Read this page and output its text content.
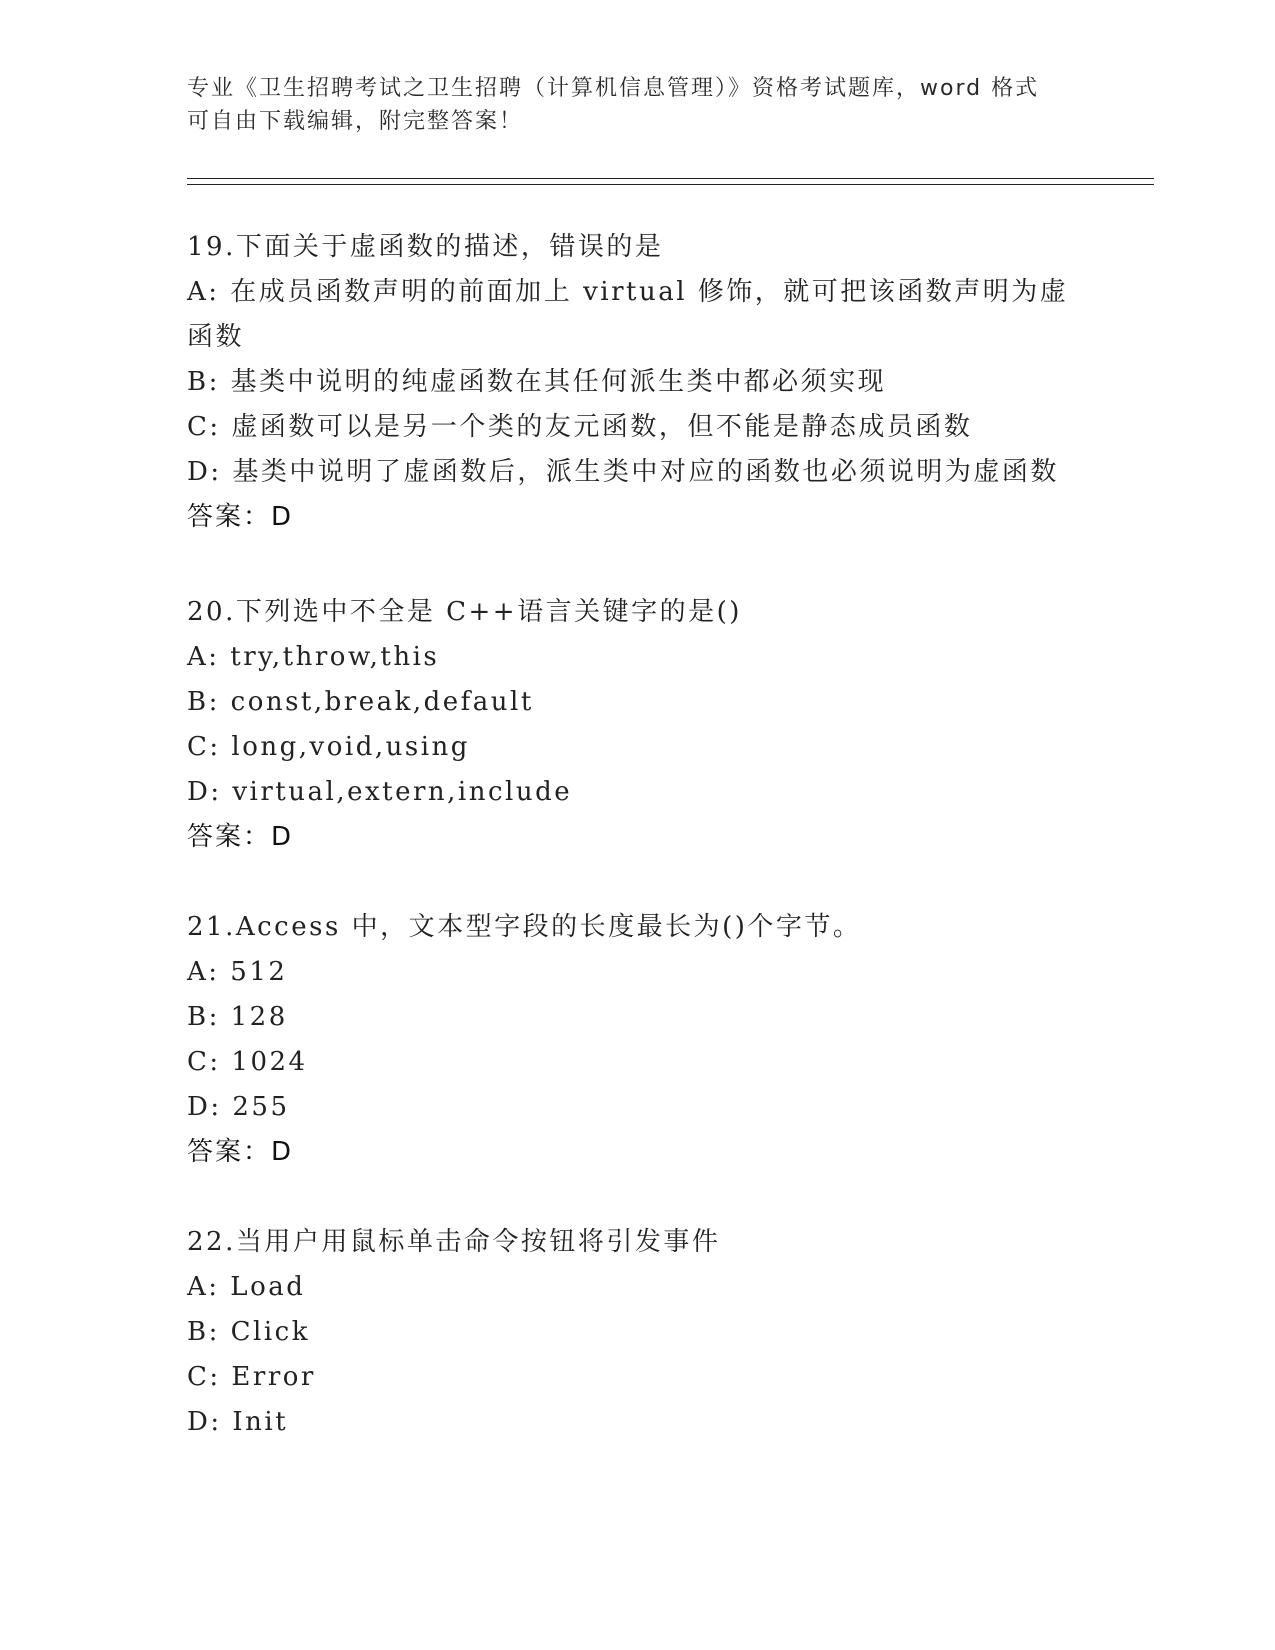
专业《卫生招聘考试之卫生招聘（计算机信息管理）》资格考试题库，word 格式
可自由下载编辑，附完整答案！
19.下面关于虚函数的描述，错误的是
A: 在成员函数声明的前面加上 virtual 修饰，就可把该函数声明为虚函数
B: 基类中说明的纯虚函数在其任何派生类中都必须实现
C: 虚函数可以是另一个类的友元函数，但不能是静态成员函数
D: 基类中说明了虚函数后，派生类中对应的函数也必须说明为虚函数
答案：D
20.下列选中不全是 C++语言关键字的是()
A: try,throw,this
B: const,break,default
C: long,void,using
D: virtual,extern,include
答案：D
21.Access 中，文本型字段的长度最长为()个字节。
A: 512
B: 128
C: 1024
D: 255
答案：D
22.当用户用鼠标单击命令按钮将引发事件
A: Load
B: Click
C: Error
D: Init
